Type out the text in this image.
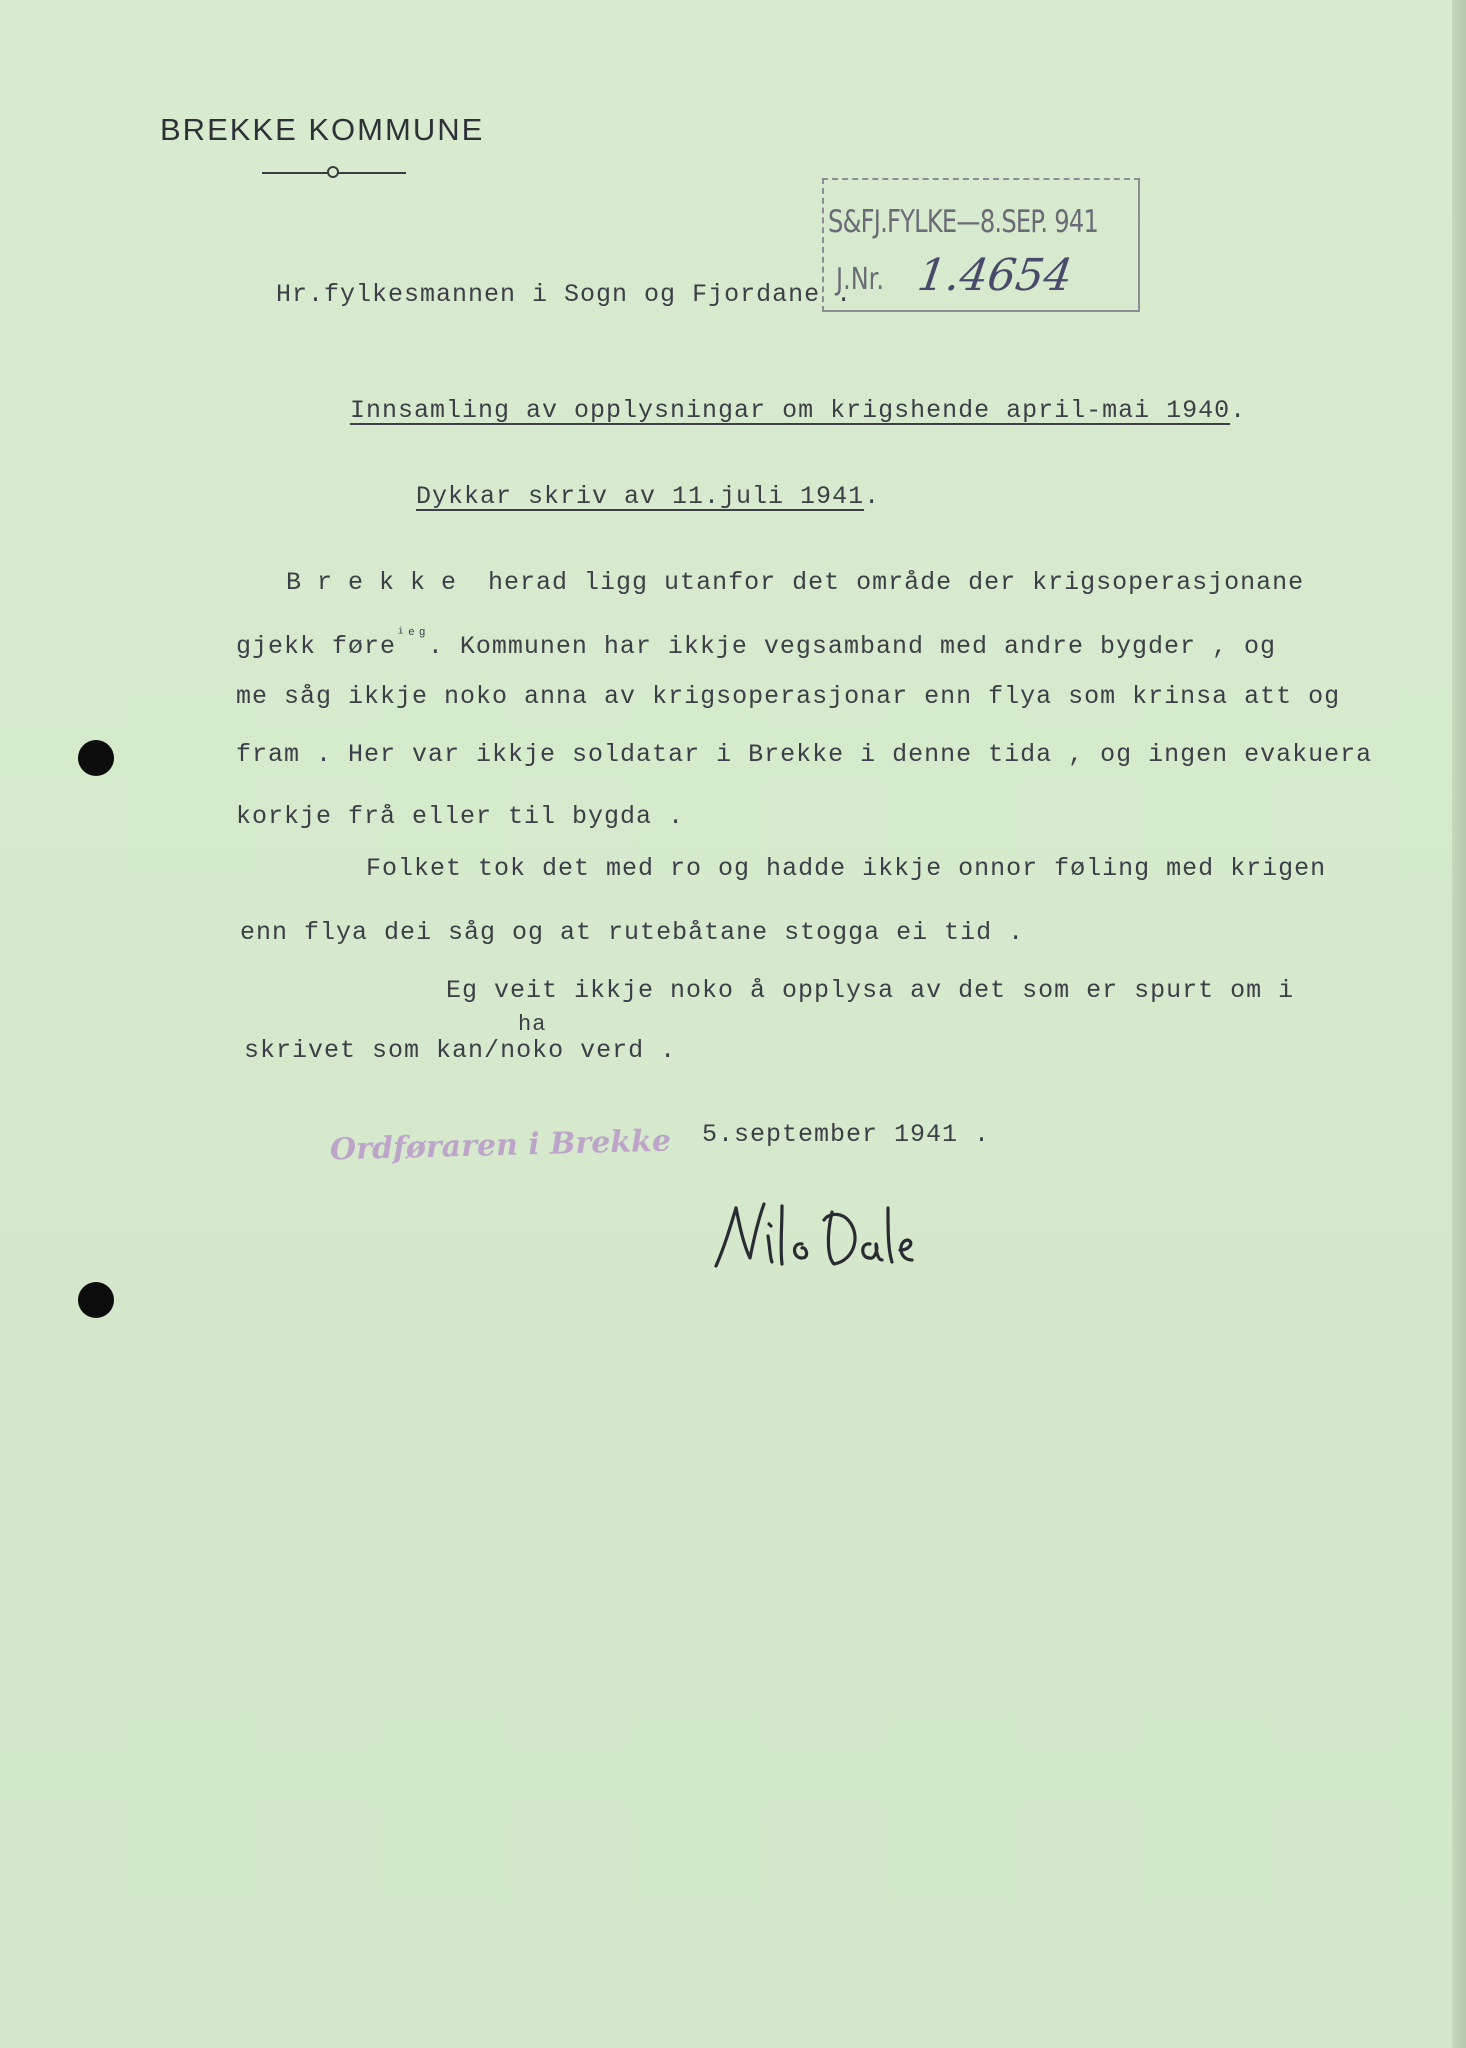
BREKKE KOMMUNE
S&FJ.FYLKE—8.SEP. 941
J.Nr. 1.4654
Hr.fylkesmannen i Sogn og Fjordane .
Innsamling av opplysningar om krigshende april-mai 1940.
Dykkar skriv av 11.juli 1941.
Brekke herad ligg utanfor det område der krigsoperasjonane
gjekk føre$^{^iᵉᵍ}$. Kommunen har ikkje vegsamband med andre bygder , og
me såg ikkje noko anna av krigsoperasjonar enn flya som krinsa att og
fram . Her var ikkje soldatar i Brekke i denne tida , og ingen evakuera
korkje frå eller til bygda .
Folket tok det med ro og hadde ikkje onnor føling med krigen
enn flya dei såg og at rutebåtane stogga ei tid .
Eg veit ikkje noko å opplysa av det som er spurt om i
ha
skrivet som kan/noko verd .
Ordføraren i Brekke 5.september 1941 .
